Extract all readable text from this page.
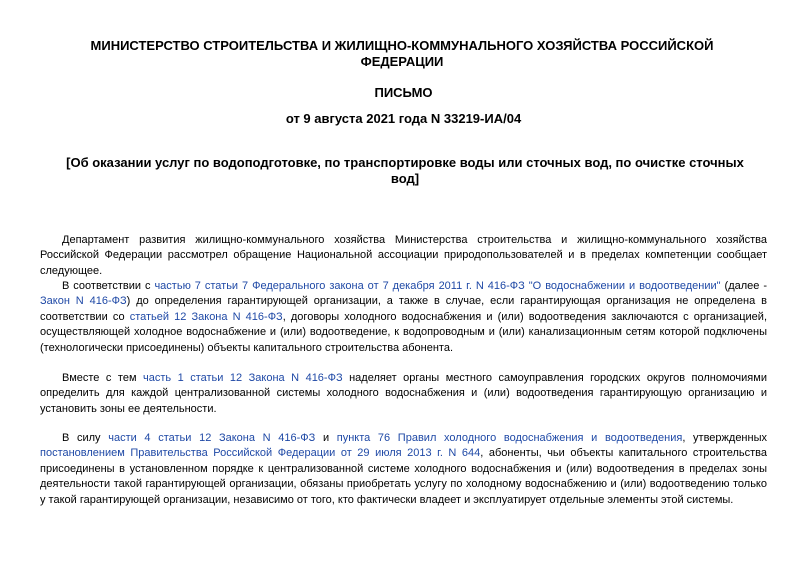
МИНИСТЕРСТВО СТРОИТЕЛЬСТВА И ЖИЛИЩНО-КОММУНАЛЬНОГО ХОЗЯЙСТВА РОССИЙСКОЙ ФЕДЕРАЦИИ
ПИСЬМО
от 9 августа 2021 года N 33219-ИА/04
[Об оказании услуг по водоподготовке, по транспортировке воды или сточных вод, по очистке сточных вод]

Департамент развития жилищно-коммунального хозяйства Министерства строительства и жилищно-коммунального хозяйства Российской Федерации рассмотрел обращение Национальной ассоциации природопользователей и в пределах компетенции сообщает следующее.

В соответствии с частью 7 статьи 7 Федерального закона от 7 декабря 2011 г. N 416-ФЗ "О водоснабжении и водоотведении" (далее - Закон N 416-ФЗ) до определения гарантирующей организации, а также в случае, если гарантирующая организация не определена в соответствии со статьей 12 Закона N 416-ФЗ, договоры холодного водоснабжения и (или) водоотведения заключаются с организацией, осуществляющей холодное водоснабжение и (или) водоотведение, к водопроводным и (или) канализационным сетям которой подключены (технологически присоединены) объекты капитального строительства абонента.

Вместе с тем часть 1 статьи 12 Закона N 416-ФЗ наделяет органы местного самоуправления городских округов полномочиями определить для каждой централизованной системы холодного водоснабжения и (или) водоотведения гарантирующую организацию и установить зоны ее деятельности.

В силу части 4 статьи 12 Закона N 416-ФЗ и пункта 76 Правил холодного водоснабжения и водоотведения, утвержденных постановлением Правительства Российской Федерации от 29 июля 2013 г. N 644, абоненты, чьи объекты капитального строительства присоединены в установленном порядке к централизованной системе холодного водоснабжения и (или) водоотведения в пределах зоны деятельности такой гарантирующей организации, обязаны приобретать услугу по холодному водоснабжению и (или) водоотведению только у такой гарантирующей организации, независимо от того, кто фактически владеет и эксплуатирует отдельные элементы этой системы.
